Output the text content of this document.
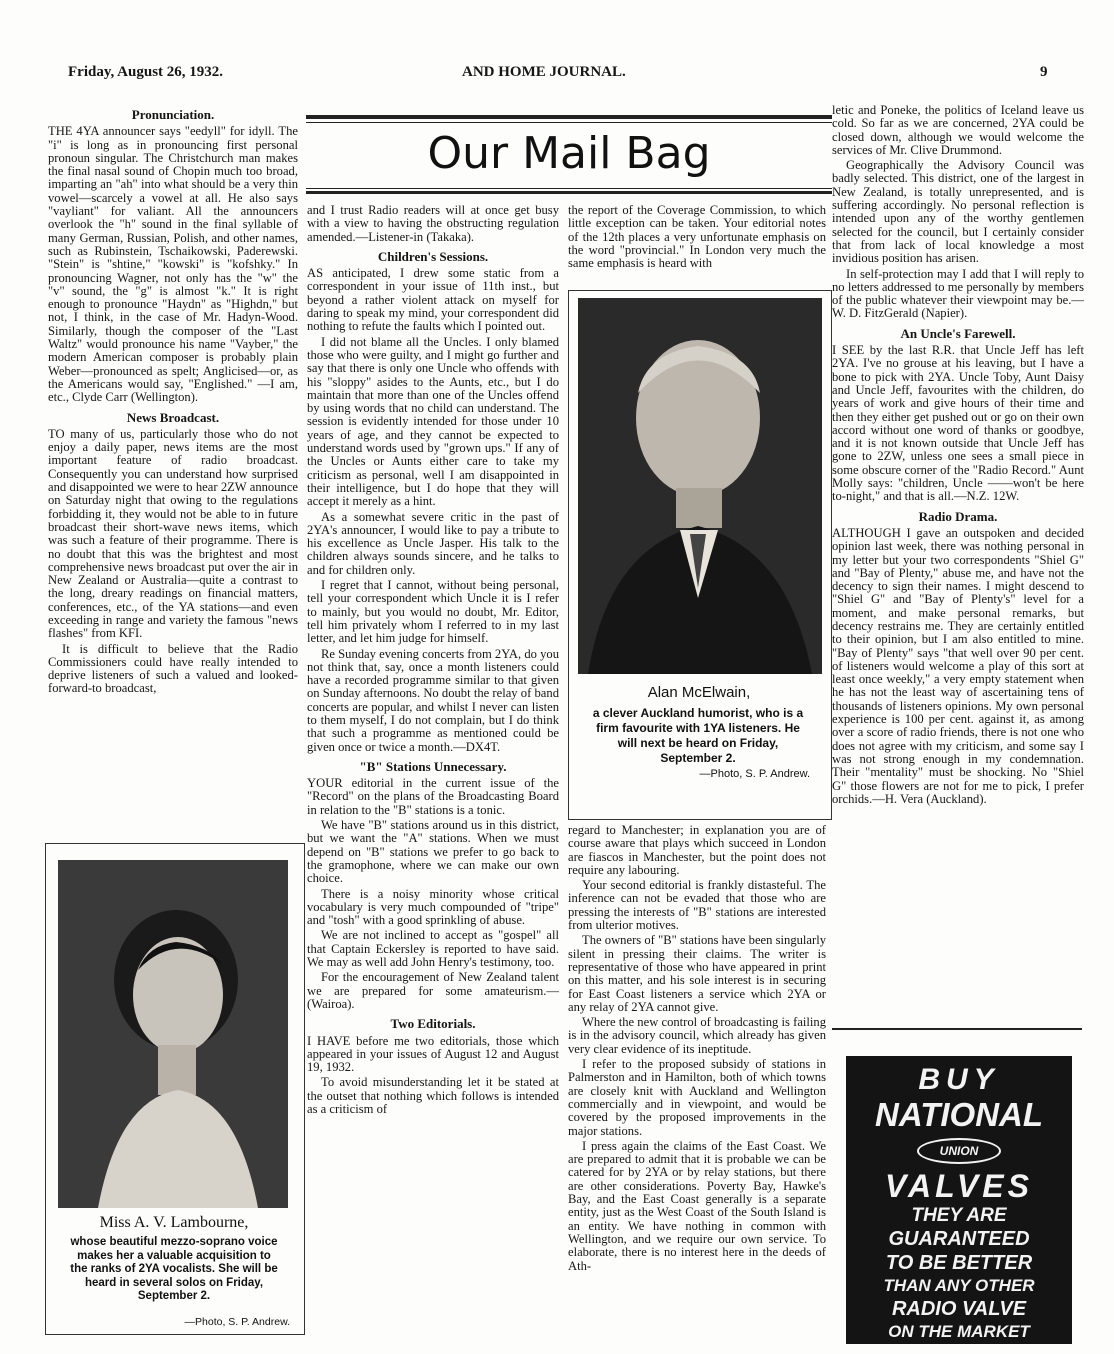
Friday, August 26, 1932.	AND HOME JOURNAL.	9
Our Mail Bag
Pronunciation.

THE 4YA announcer says "eedyll" for idyll. The "i" is long as in pronouncing first personal pronoun singular. The Christchurch man makes the final nasal sound of Chopin much too broad, imparting an "ah" into what should be a very thin vowel—scarcely a vowel at all. He also says "vayliant" for valiant. All the announcers overlook the "h" sound in the final syllable of many German, Russian, Polish, and other names, such as Rubinstein, Tschaikowski, Paderewski. "Stein" is "shtine," "kowski" is "kofshky." In pronouncing Wagner, not only has the "w" the "v" sound, the "g" is almost "k." It is right enough to pronounce "Haydn" as "Highdn," but not, I think, in the case of Mr. Hadyn-Wood. Similarly, though the composer of the "Last Waltz" would pronounce his name "Vayber," the modern American composer is probably plain Weber—pronounced as spelt; Anglicised—or, as the Americans would say, "Englished." —I am, etc., Clyde Carr (Wellington).

News Broadcast.

TO many of us, particularly those who do not enjoy a daily paper, news items are the most important feature of radio broadcast. Consequently you can understand how surprised and disappointed we were to hear 2ZW announce on Saturday night that owing to the regulations forbidding it, they would not be able to in future broadcast their short-wave news items, which was such a feature of their programme. There is no doubt that this was the brightest and most comprehensive news broadcast put over the air in New Zealand or Australia—quite a contrast to the long, dreary readings on financial matters, conferences, etc., of the YA stations—and even exceeding in range and variety the famous "news flashes" from KFI.

It is difficult to believe that the Radio Commissioners could have really intended to deprive listeners of such a valued and looked-forward-to broadcast,

Miss A. V. Lambourne,
whose beautiful mezzo-soprano voice makes her a valuable acquisition to the ranks of 2YA vocalists. She will be heard in several solos on Friday, September 2.
—Photo, S. P. Andrew.

and I trust Radio readers will at once get busy with a view to having the obstructing regulation amended.—Listener-in (Takaka).

Children's Sessions.

AS anticipated, I drew some static from a correspondent in your issue of 11th inst., but beyond a rather violent attack on myself for daring to speak my mind, your correspondent did nothing to refute the faults which I pointed out.

I did not blame all the Uncles. I only blamed those who were guilty, and I might go further and say that there is only one Uncle who offends with his "sloppy" asides to the Aunts, etc., but I do maintain that more than one of the Uncles offend by using words that no child can understand. The session is evidently intended for those under 10 years of age, and they cannot be expected to understand words used by "grown ups." If any of the Uncles or Aunts either care to take my criticism as personal, well I am disappointed in their intelligence, but I do hope that they will accept it merely as a hint.

As a somewhat severe critic in the past of 2YA's announcer, I would like to pay a tribute to his excellence as Uncle Jasper. His talk to the children always sounds sincere, and he talks to and for children only.

I regret that I cannot, without being personal, tell your correspondent which Uncle it is I refer to mainly, but you would no doubt, Mr. Editor, tell him privately whom I referred to in my last letter, and let him judge for himself.

Re Sunday evening concerts from 2YA, do you not think that, say, once a month listeners could have a recorded programme similar to that given on Sunday afternoons. No doubt the relay of band concerts are popular, and whilst I never can listen to them myself, I do not complain, but I do think that such a programme as mentioned could be given once or twice a month.—DX4T.

"B" Stations Unnecessary.

YOUR editorial in the current issue of the "Record" on the plans of the Broadcasting Board in relation to the "B" stations is a tonic.

We have "B" stations around us in this district, but we want the "A" stations. When we must depend on "B" stations we prefer to go back to the gramophone, where we can make our own choice.

There is a noisy minority whose critical vocabulary is very much compounded of "tripe" and "tosh" with a good sprinkling of abuse.

We are not inclined to accept as "gospel" all that Captain Eckersley is reported to have said. We may as well add John Henry's testimony, too.

For the encouragement of New Zealand talent we are prepared for some amateurism.—(Wairoa).

Two Editorials.

I HAVE before me two editorials, those which appeared in your issues of August 12 and August 19, 1932.

To avoid misunderstanding let it be stated at the outset that nothing which follows is intended as a criticism of

the report of the Coverage Commission, to which little exception can be taken. Your editorial notes of the 12th places a very unfortunate emphasis on the word "provincial." In London very much the same emphasis is heard with

Alan McElwain,
a clever Auckland humorist, who is a firm favourite with 1YA listeners. He will next be heard on Friday, September 2.
—Photo, S. P. Andrew.

regard to Manchester; in explanation you are of course aware that plays which succeed in London are fiascos in Manchester, but the point does not require any labouring.

Your second editorial is frankly distasteful. The inference can not be evaded that those who are pressing the interests of "B" stations are interested from ulterior motives.

The owners of "B" stations have been singularly silent in pressing their claims. The writer is representative of those who have appeared in print on this matter, and his sole interest is in securing for East Coast listeners a service which 2YA or any relay of 2YA cannot give.

Where the new control of broadcasting is failing is in the advisory council, which already has given very clear evidence of its ineptitude.

I refer to the proposed subsidy of stations in Palmerston and in Hamilton, both of which towns are closely knit with Auckland and Wellington commercially and in viewpoint, and would be covered by the proposed improvements in the major stations.

I press again the claims of the East Coast. We are prepared to admit that it is probable we can be catered for by 2YA or by relay stations, but there are other considerations. Poverty Bay, Hawke's Bay, and the East Coast generally is a separate entity, just as the West Coast of the South Island is an entity. We have nothing in common with Wellington, and we require our own service. To elaborate, there is no interest here in the deeds of Ath-

letic and Poneke, the politics of Iceland leave us cold. So far as we are concerned, 2YA could be closed down, although we would welcome the services of Mr. Clive Drummond.

Geographically the Advisory Council was badly selected. This district, one of the largest in New Zealand, is totally unrepresented, and is suffering accordingly. No personal reflection is intended upon any of the worthy gentlemen selected for the council, but I certainly consider that from lack of local knowledge a most invidious position has arisen.

In self-protection may I add that I will reply to no letters addressed to me personally by members of the public whatever their viewpoint may be.—W. D. FitzGerald (Napier).

An Uncle's Farewell.

I SEE by the last R.R. that Uncle Jeff has left 2YA. I've no grouse at his leaving, but I have a bone to pick with 2YA. Uncle Toby, Aunt Daisy and Uncle Jeff, favourites with the children, do years of work and give hours of their time and then they either get pushed out or go on their own accord without one word of thanks or goodbye, and it is not known outside that Uncle Jeff has gone to 2ZW, unless one sees a small piece in some obscure corner of the "Radio Record." Aunt Molly says: "children, Uncle ——won't be here to-night," and that is all.—N.Z. 12W.

Radio Drama.

ALTHOUGH I gave an outspoken and decided opinion last week, there was nothing personal in my letter but your two correspondents "Shiel G" and "Bay of Plenty," abuse me, and have not the decency to sign their names. I might descend to "Shiel G" and "Bay of Plenty's" level for a moment, and make personal remarks, but decency restrains me. They are certainly entitled to their opinion, but I am also entitled to mine. "Bay of Plenty" says "that well over 90 per cent. of listeners would welcome a play of this sort at least once weekly," a very empty statement when he has not the least way of ascertaining tens of thousands of listeners opinions. My own personal experience is 100 per cent. against it, as among over a score of radio friends, there is not one who does not agree with my criticism, and some say I was not strong enough in my condemnation. Their "mentality" must be shocking. No "Shiel G" those flowers are not for me to pick, I prefer orchids.—H. Vera (Auckland).

BUY
NATIONAL
UNION
VALVES
THEY ARE
GUARANTEED
TO BE BETTER
THAN ANY OTHER
RADIO VALVE
ON THE MARKET
